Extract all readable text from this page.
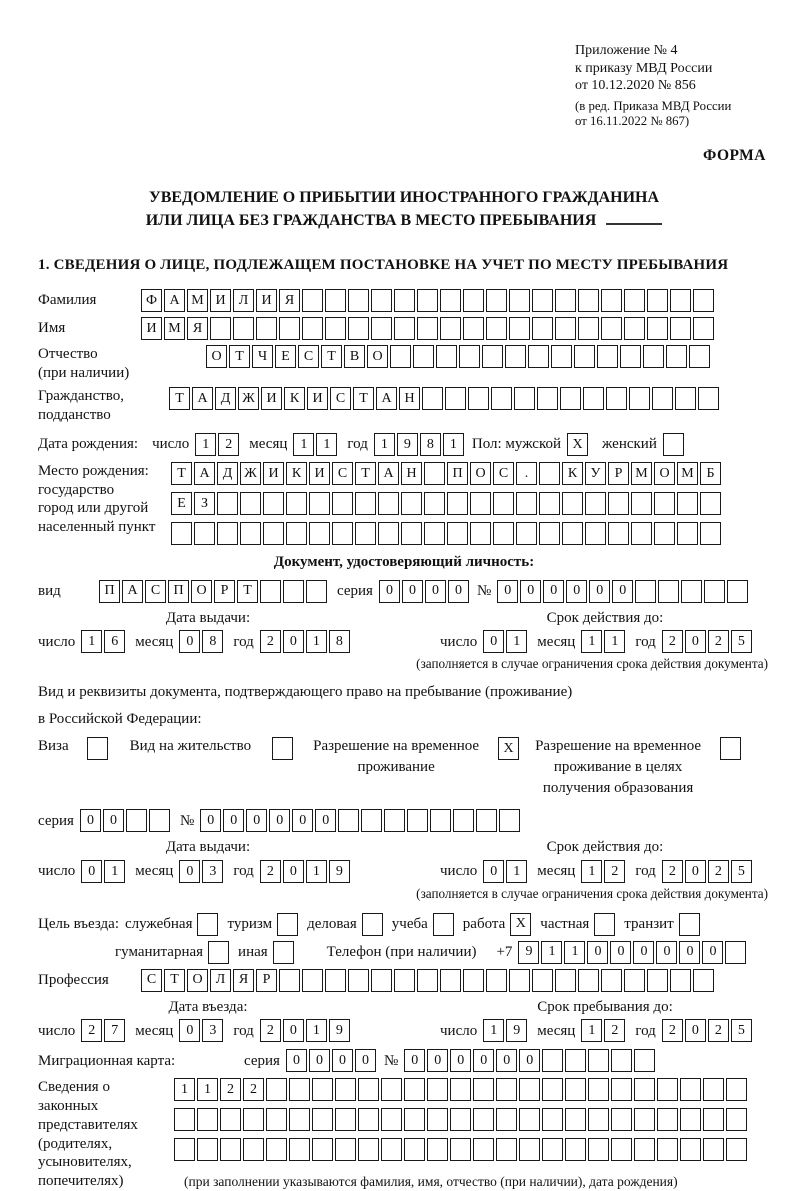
Приложение № 4
к приказу МВД России
от 10.12.2020 № 856
(в ред. Приказа МВД России
от 16.11.2022 № 867)
ФОРМА
УВЕДОМЛЕНИЕ О ПРИБЫТИИ ИНОСТРАННОГО ГРАЖДАНИНА
ИЛИ ЛИЦА БЕЗ ГРАЖДАНСТВА В МЕСТО ПРЕБЫВАНИЯ
1. СВЕДЕНИЯ О ЛИЦЕ, ПОДЛЕЖАЩЕМ ПОСТАНОВКЕ НА УЧЕТ ПО МЕСТУ ПРЕБЫВАНИЯ
Фамилия	Ф А М И Л И Я
Имя	И М Я
Отчество
(при наличии)
О Т	Ч	Е	С	Т	В О
Гражданство,
подданство
Т А Д Ж И К И С	Т А Н
Дата рождения: число 1	2	месяц 1	1	год 1	9	8	1	Пол: мужской X	женский
Место рождения:
государство
город или другой
населенный пункт
Т А Д Ж И К И С	Т А Н	П О С	.	К У	Р М О М Б
Е	З
Документ, удостоверяющий личность:
вид	П А С П О	Р	Т	серия 0	0	0	0	№ 0	0	0	0	0	0
Дата выдачи:
число 1	6	месяц 0	8	год 2	0	1	8
Срок действия до:
число 0	1	месяц 1	1	год 2	0	2	5
(заполняется в случае ограничения срока действия документа)
Вид и реквизиты документа, подтверждающего право на пребывание (проживание)
в Российской Федерации:
Виза	Вид на жительство	Разрешение на временное
проживание
X	Разрешение на временное
проживание в целях
получения образования
серия 0	0	№ 0	0	0	0	0	0
Дата выдачи:
число 0	1	месяц 0	3	год 2	0	1	9
Срок действия до:
число 0	1	месяц 1	2	год 2	0	2	5
(заполняется в случае ограничения срока действия документа)
Цель въезда: служебная туризм деловая учеба работа X частная транзит
гуманитарная иная	Телефон (при наличии) +7 9	1	1	0	0	0	0	0	0
Профессия	С	Т О Л Я	Р
Дата въезда:
число 2	7	месяц 0	3	год 2	0	1	9
Срок пребывания до:
число 1	9	месяц 1	2	год 2	0	2	5
Миграционная карта:	серия 0	0	0	0	№ 0	0	0	0	0	0
Сведения о
законных
представителях
(родителях,
усыновителях,
попечителях)
1	1	2	2
(при заполнении указываются фамилия, имя, отчество (при наличии), дата рождения)
